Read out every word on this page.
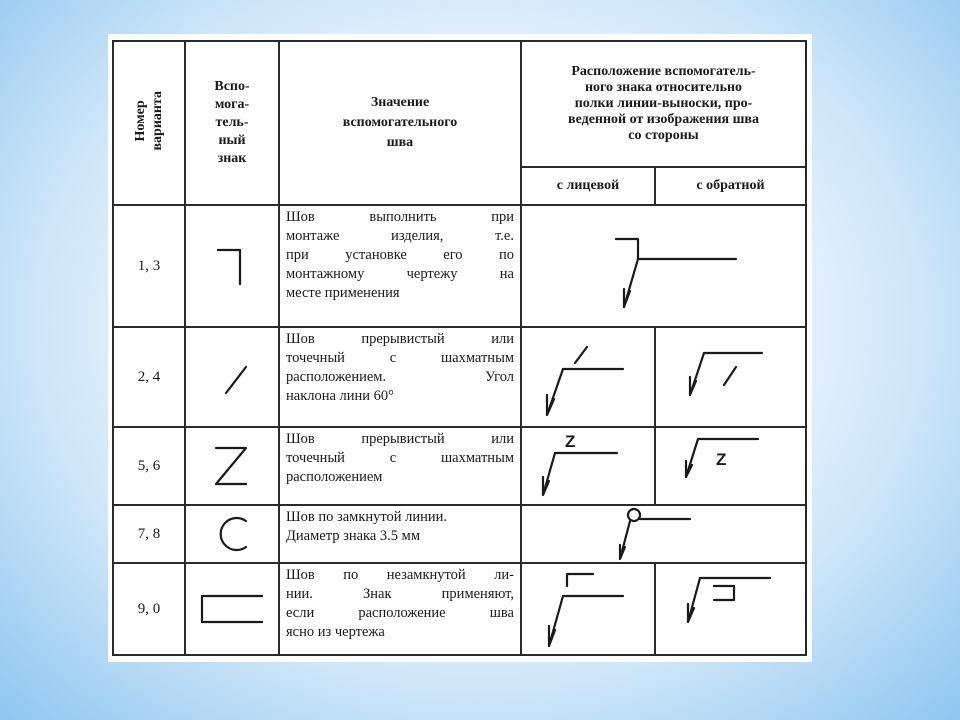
Номер варианта	Вспо-
мога-
тель-
ный
знак	Значение
вспомогательного
шва	Расположение вспомогатель-
ного знака относительно
полки линии-выноски, про-
веденной от изображения шва
со стороны	
			с лицевой	с обратной
1, 3		Шов выполнить при
монтаже изделия, т.е.
при установке его по
монтажному чертежу на
месте применения

2, 4		Шов прерывистый или
точечный с шахматным
расположением. Угол
наклона лини 60°

5, 6		Шов прерывистый или
точечный с шахматным
расположением	Z	Z

7, 8		Шов по замкнутой линии.
Диаметр знака 3.5 мм

9, 0		Шов по незамкнутой ли-
нии. Знак применяют,
если расположение шва
ясно из чертежа
